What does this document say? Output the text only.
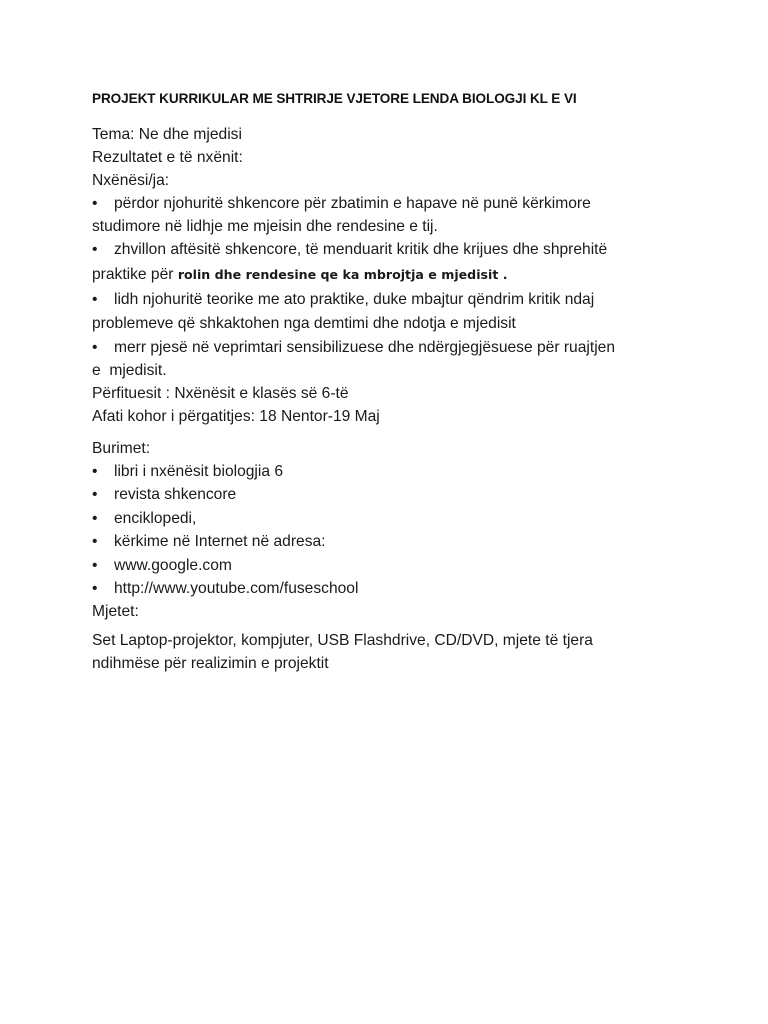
PROJEKT KURRIKULAR ME SHTRIRJE VJETORE LENDA BIOLOGJI KL E VI

Tema: Ne dhe mjedisi

Rezultatet e të nxënit:

Nxënësi/ja:

• përdor njohuritë shkencore për zbatimin e hapave në punë kërkimore

studimore në lidhje me mjeisin dhe rendesine e tij.

• zhvillon aftësitë shkencore, të menduarit kritik dhe krijues dhe shprehitë

praktike për rolin dhe rendesine qe ka mbrojtja e mjedisit .

• lidh njohuritë teorike me ato praktike, duke mbajtur qëndrim kritik ndaj

problemeve që shkaktohen nga demtimi dhe ndotja e mjedisit

• merr pjesë në veprimtari sensibilizuese dhe ndërgjegjësuese për ruajtjen

e  mjedisit.

Përfituesit : Nxënësit e klasës së 6-të

Afati kohor i përgatitjes: 18 Nentor-19 Maj

Burimet:

• libri i nxënësit biologjia 6

• revista shkencore

• enciklopedi,

• kërkime në Internet në adresa:

• www.google.com

• http://www.youtube.com/fuseschool

Mjetet:

Set Laptop-projektor, kompjuter, USB Flashdrive, CD/DVD, mjete të tjera

ndihmëse për realizimin e projektit
